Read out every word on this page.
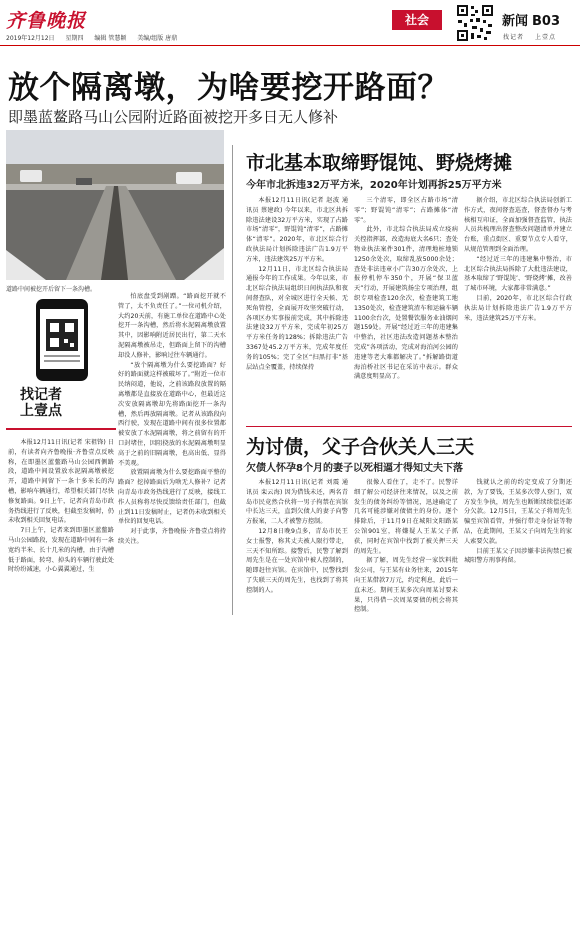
齐鲁晚报
2019年12月12日 星期四 编辑 管慧颖 美编/组版 唐鼎
社会	新闻 B03
找记者 上壹点
放个隔离墩，为啥要挖开路面？
即墨蓝鳌路马山公园附近路面被挖开多日无人修补
道路中间被挖开后留下一条沟槽。
找记者
上壹点

本报12月11日讯(记者 宋祖锋) 日前，有读者向齐鲁晚报·齐鲁壹点反映称，在即墨区蓝鳌路马山公园西侧路段，道路中间设置放水泥隔离墩被挖开，道路中间留下一条十多米长的沟槽，影响车辆通行，希望相关部门尽快修复路面。9日上午，记者向青岛市政务热线进行了反映，但截至发稿时，仍未收到相关回复电话。

7日上午，记者来到即墨区蓝鳌路马山公园路段，发现在道路中间有一条宽约半米、长十几米的沟槽，由于沟槽低于路面，转弯、掉头的车辆行驶此处时纷纷减速，小心翼翼通过，生

怕底盘受到剐蹭。“路面挖开就不管了，太不负责任了。”一位司机介绍，大约20天前，有施工单位在道路中心处挖开一条沟槽，然后将水泥隔离墩放置其中，因影响附近居民出行，第二天水泥隔离墩被吊走，但路面上留下的沟槽却没人修补，影响过往车辆通行。

“放个隔离墩为什么要挖路面？好好的路面就这样被破坏了。”附近一位市民纳闷道，他说，之前该路段放置的隔离墩都是直接放在道路中心，但最近这次安放隔离墩却先将路面挖开一条沟槽，然后再放隔离墩。记者从该路段向西行驶，发现在道路中间有很多位置都被安放了水泥隔离墩，将之前留有的开口封堵住，因阻挠放的水泥隔离墩明显高于之前的旧隔离墩，也高出低、显得不美观。

放置隔离墩为什么要挖路面平整的路面？挖掉路面后为啥无人修补？记者向青岛市政务热线进行了反映，接线工作人员称将尽快反馈给责任部门，但截止到11日发稿时止，记者仍未收到相关单位的回复电话。

对于此事，齐鲁晚报·齐鲁壹点将持续关注。

市北基本取缔野馄饨、野烧烤摊
今年市北拆违32万平方米，2020年计划再拆25万平方米

本报12月11日讯(记者 赵波 通讯员 蔡建政) 今年以来，市北区共拆除违法建设32万平方米，实现了占路市场“清零”，野馄饨“清零”，占路摊体“清零”。2020年，市北区综合行政执法局计划拆除违法广告1.9万平方米，违法建筑25万平方米。

12月11日，市北区综合执法局通报今年的工作成果。今年以来，市北区综合执法局组织日间执法队和夜间督查队，对全城区进行全天候、无死角管控，全面展开攻坚突破行动，各项区办实事报前完成，其中拆除违法建设32万平方米，完成年初25万平方米任务的128%；拆除违法广告3367处45.2万平方米，完成年度任务的105%；完了全区“扫黑打非”基层站点全覆盖，持续保持

三个清零，即全区占路市场“清零”；野馄饨“清零”；占路摊体“清零”。

此外，市北综合执法局成立疫病关控指挥部，改造海底大名6只；查处物业执法案件301件，清理地桩地锁1250余处次，取缔乱放5000余处；查处非法违章小广告30万余处次，上报停机停车350个，开展“保卫蓝天”行动，开展建筑扬尘专项治理，组织专项检查120余次，检查建筑工地1350处次，检查建筑渣车和运输车辆1100余台次，处置餐饮服务业油烟问题159处。开展“经过近三年的违建集中整治，社区违法改造问题基本整治完成”各项活动，完成对海泊河公园的违建等老大难都解决了。”拆解路街道海泊桥社区书记在采访中表示。群众满意度明显高了。

据介绍，市北区综合执法局创新工作方式，夜间督查巡查，督查督办与考核相互印证，全面加强督查监管，执法人员共梳理出督查整改问题清单并建立台账，重点街区、重要节点专人看守，从规范管理到全面治理。

“经过近三年的违建集中整治，市北区综合执法局拆除了大批违法建设，基本取缔了‘野馄饨’、‘野烧烤’摊，改善了城市环境，大家都非常满意。”

目前，2020年，市北区综合行政执法局计划拆除违法广告1.9万平方米，违法建筑25万平方米。

为讨债，父子合伙关人三天
欠债人怀孕8个月的妻子以死相逼才得知丈夫下落

本报12月11日讯(记者 刘震 通讯员 栾云海) 因为借钱未还，两名青岛市民竟然合伙将一男子拘禁在宾馆中长达三天，直到欠债人的妻子向警方报案，二人才被警方控制。

12月8日晚9点多，青岛市民王女士报警，称其丈夫被人限行带走，三天不知所踪。接警后，民警了解到周先生是在一处宾馆中被人控制的，随即赶往宾馆。在宾馆中，民警找到了失联三天的周先生，也找到了将其控制的人。

很像人看住了，走不了。民警详细了解公司经济往来情况，以及之前发生的债务纠纷等情况，迅速确定了几名可能涉嫌对债债主的身份。逐个排除后，于11月9日在城阳文阳路某公馆901室，将嫌疑人王某父子抓获，同时在宾馆中找到了被关押三天的周先生。

据了解，周先生经营一家饮料批发公司，与王某有业务往来，2015年向王某借款7万元，约定利息，此后一直未还。期间王某多次向周某讨要未果，只得借一次周某要债的机会将其控制。

钱就认之前的约定变成了分期还款，为了要钱，王某多次带人登门，双方发生争执，周先生也断断续续偿还部分欠款。12月5日，王某父子将周先生骗至宾馆看管，并强行带走身份证等物品，在此期间，王某父子向周先生的家人索要欠款。

目前王某父子因涉嫌非法拘禁已被城阳警方刑事拘留。
